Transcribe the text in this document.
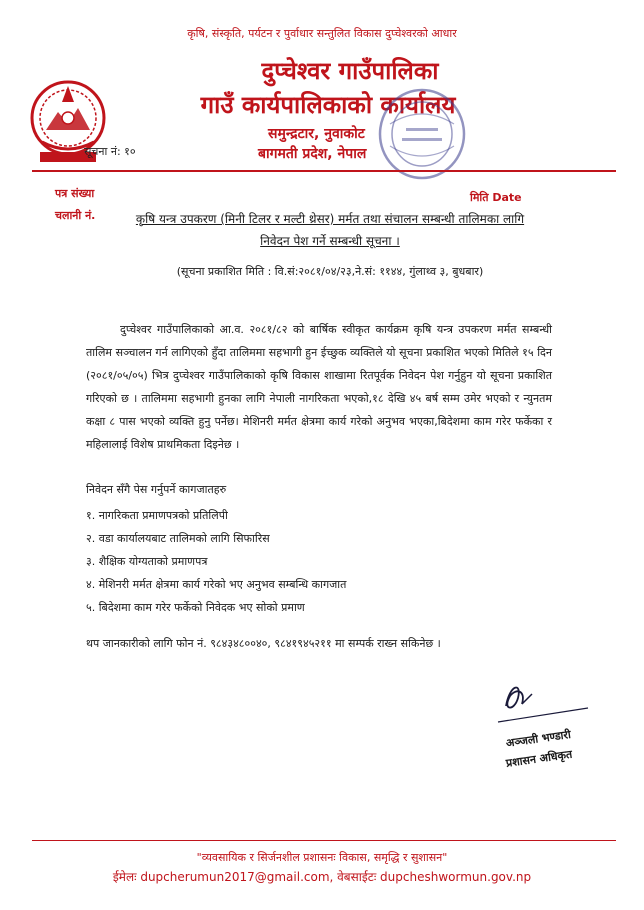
कृषि, संस्कृति, पर्यटन र पुर्वाधार सन्तुलित विकास दुप्चेश्वरको आधार
दुप्चेश्वर गाउँपालिका
गाउँ कार्यपालिकाको कार्यालय
समुन्द्रटार, नुवाकोट
बागमती प्रदेश, नेपाल
सूचना नं: १०
पत्र संख्या
चलानी नं.
मिति Date
कृषि यन्त्र उपकरण (मिनी टिलर र मल्टी थ्रेसर) मर्मत तथा संचालन सम्बन्धी तालिमका लागि
निवेदन पेश गर्ने सम्बन्धी सूचना ।
(सूचना प्रकाशित मिति : वि.सं:२०८१/०४/२३,ने.सं: ११४४, गुंलाथ्व ३, बुधबार)

दुप्चेश्वर गाउँपालिकाको आ.व. २०८१/८२ को बार्षिक स्वीकृत कार्यक्रम कृषि यन्त्र उपकरण मर्मत सम्बन्धी तालिम सञ्चालन गर्न लागिएको हुँदा तालिममा सहभागी हुन ईच्छुक व्यक्तिले यो सूचना प्रकाशित भएको मितिले १५ दिन (२०८१/०५/०५) भित्र दुप्चेश्वर गाउँपालिकाको कृषि विकास शाखामा रितपूर्वक निवेदन पेश गर्नुहुन यो सूचना प्रकाशित गरिएको छ । तालिममा सहभागी हुनका लागि नेपाली नागरिकता भएको,१८ देखि ४५ बर्ष सम्म उमेर भएको र न्युनतम कक्षा ८ पास भएको व्यक्ति हुनु पर्नेछ। मेशिनरी मर्मत क्षेत्रमा कार्य गरेको अनुभव भएका,बिदेशमा काम गरेर फर्केका र महिलालाई विशेष प्राथमिकता दिइनेछ ।

निवेदन सँगै पेस गर्नुपर्ने कागजातहरु
१. नागरिकता प्रमाणपत्रको प्रतिलिपी
२. वडा कार्यालयबाट तालिमको लागि सिफारिस
३. शैक्षिक योग्यताको प्रमाणपत्र
४. मेशिनरी मर्मत क्षेत्रमा कार्य गरेको भए अनुभव सम्बन्धि कागजात
५. बिदेशमा काम गरेर फर्केको निवेदक भए सोको प्रमाण
थप जानकारीको लागि फोन नं. ९८४३४८००४०, ९८४१९४५२११ मा सम्पर्क राख्न सकिनेछ ।
अञ्जली भण्डारी
प्रशासन अधिकृत
"व्यवसायिक र सिर्जनशील प्रशासनः विकास, समृद्धि र सुशासन"
ईमेलः dupcherumun2017@gmail.com, वेबसाईटः dupcheshwormun.gov.np
